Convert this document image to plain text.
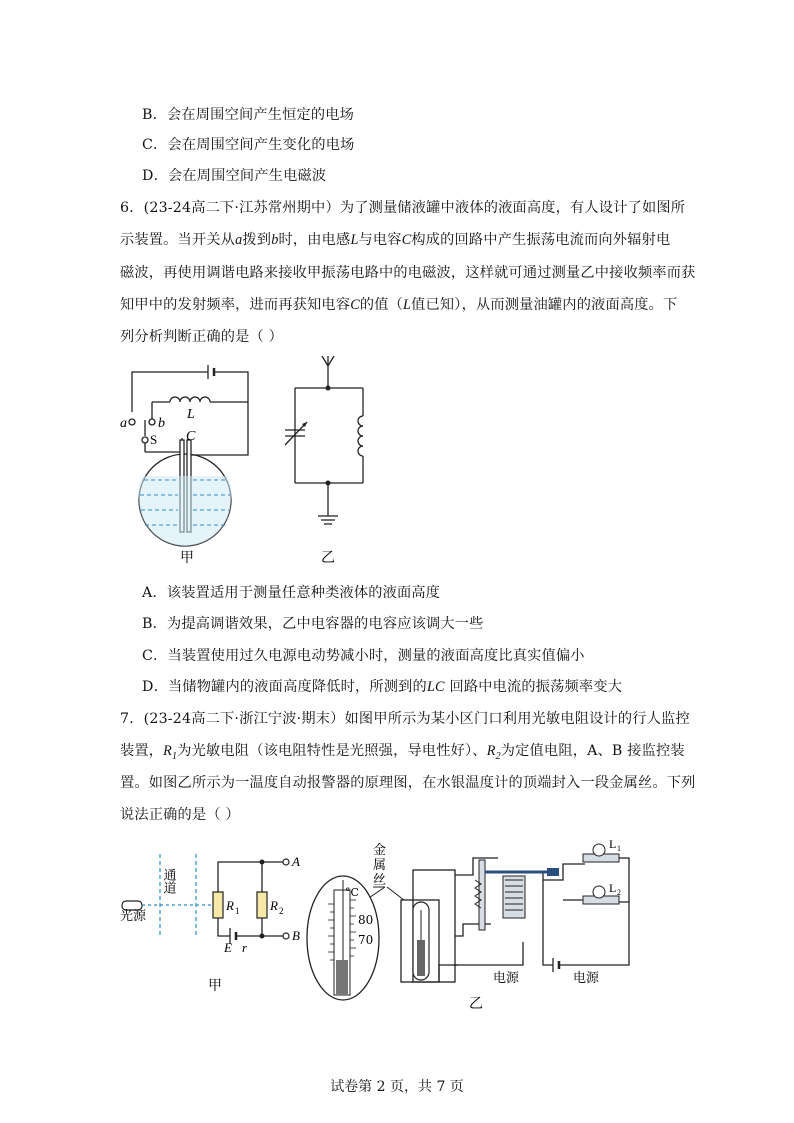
B．会在周围空间产生恒定的电场
C．会在周围空间产生变化的电场
D．会在周围空间产生电磁波
6．(23-24高二下·江苏常州期中）为了测量储液罐中液体的液面高度，有人设计了如图所
示装置。当开关从a拨到b时，由电感L与电容C构成的回路中产生振荡电流而向外辐射电
磁波，再使用调谐电路来接收甲振荡电路中的电磁波，这样就可通过测量乙中接收频率而获
知甲中的发射频率，进而再获知电容C的值（L值已知），从而测量油罐内的液面高度。下
列分析判断正确的是（ ）
a b
S C
L
甲	乙
A．该装置适用于测量任意种类液体的液面高度
B．为提高调谐效果，乙中电容器的电容应该调大一些
C．当装置使用过久电源电动势减小时，测量的液面高度比真实值偏小
D．当储物罐内的液面高度降低时，所测到的LC 回路中电流的振荡频率变大
7．(23-24高二下·浙江宁波·期末）如图甲所示为某小区门口利用光敏电阻设计的行人监控
装置，$R_1$为光敏电阻（该电阻特性是光照强，导电性好）、$R_2$为定值电阻，A、B 接监控装
置。如图乙所示为一温度自动报警器的原理图，在水银温度计的顶端封入一段金属丝。下列
说法正确的是（ ）
通道
光源
A
B
R 1 R 2
E r
甲
金
属
丝
°C
80
70
L 1
L 2
电源	电源
乙
试卷第 2 页，共 7 页
